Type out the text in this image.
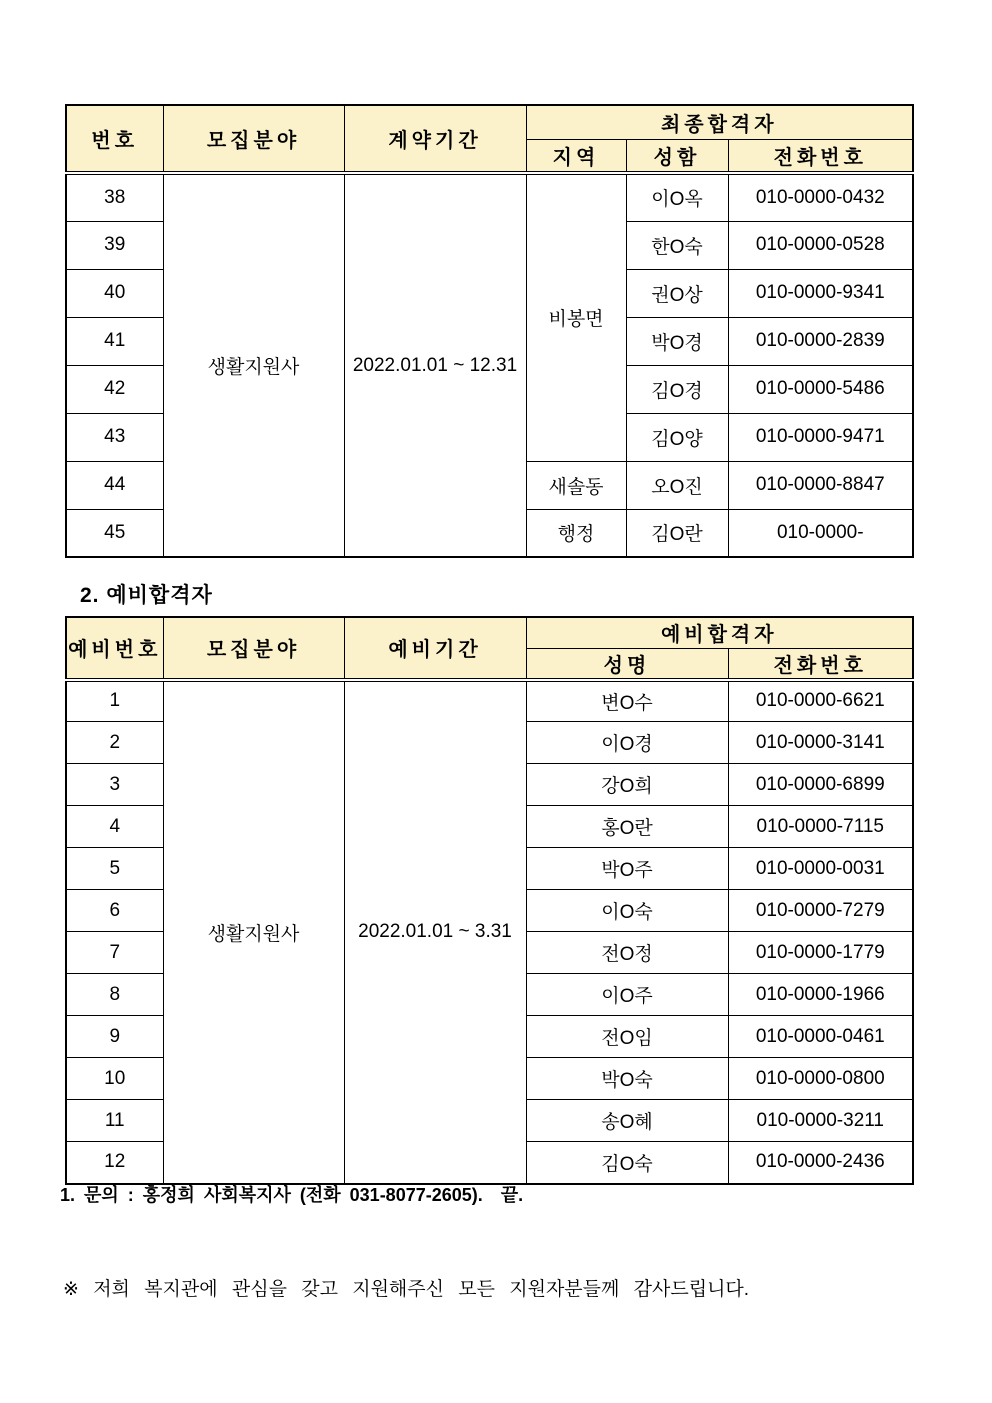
번호	모집분야	계약기간	최종합격자		
			지역	성함	전화번호
38	생활지원사	2022.01.01 ~ 12.31	비봉면	이O옥	010-0000-0432
39				한O숙	010-0000-0528
40				권O상	010-0000-9341
41				박O경	010-0000-2839
42				김O경	010-0000-5486
43				김O양	010-0000-9471
44			새솔동	오O진	010-0000-8847
45			행정	김O란	010-0000-
2. 예비합격자
예비번호	모집분야	예비기간	예비합격자	
			성명	전화번호
1	생활지원사	2022.01.01 ~ 3.31	변O수	010-0000-6621
2			이O경	010-0000-3141
3			강O희	010-0000-6899
4			홍O란	010-0000-7115
5			박O주	010-0000-0031
6			이O숙	010-0000-7279
7			전O정	010-0000-1779
8			이O주	010-0000-1966
9			전O임	010-0000-0461
10			박O숙	010-0000-0800
11			송O혜	010-0000-3211
12			김O숙	010-0000-2436
1. 문의 : 홍정희 사회복지사 (전화 031-8077-2605).  끝.
※ 저희 복지관에 관심을 갖고 지원해주신 모든 지원자분들께 감사드립니다.
